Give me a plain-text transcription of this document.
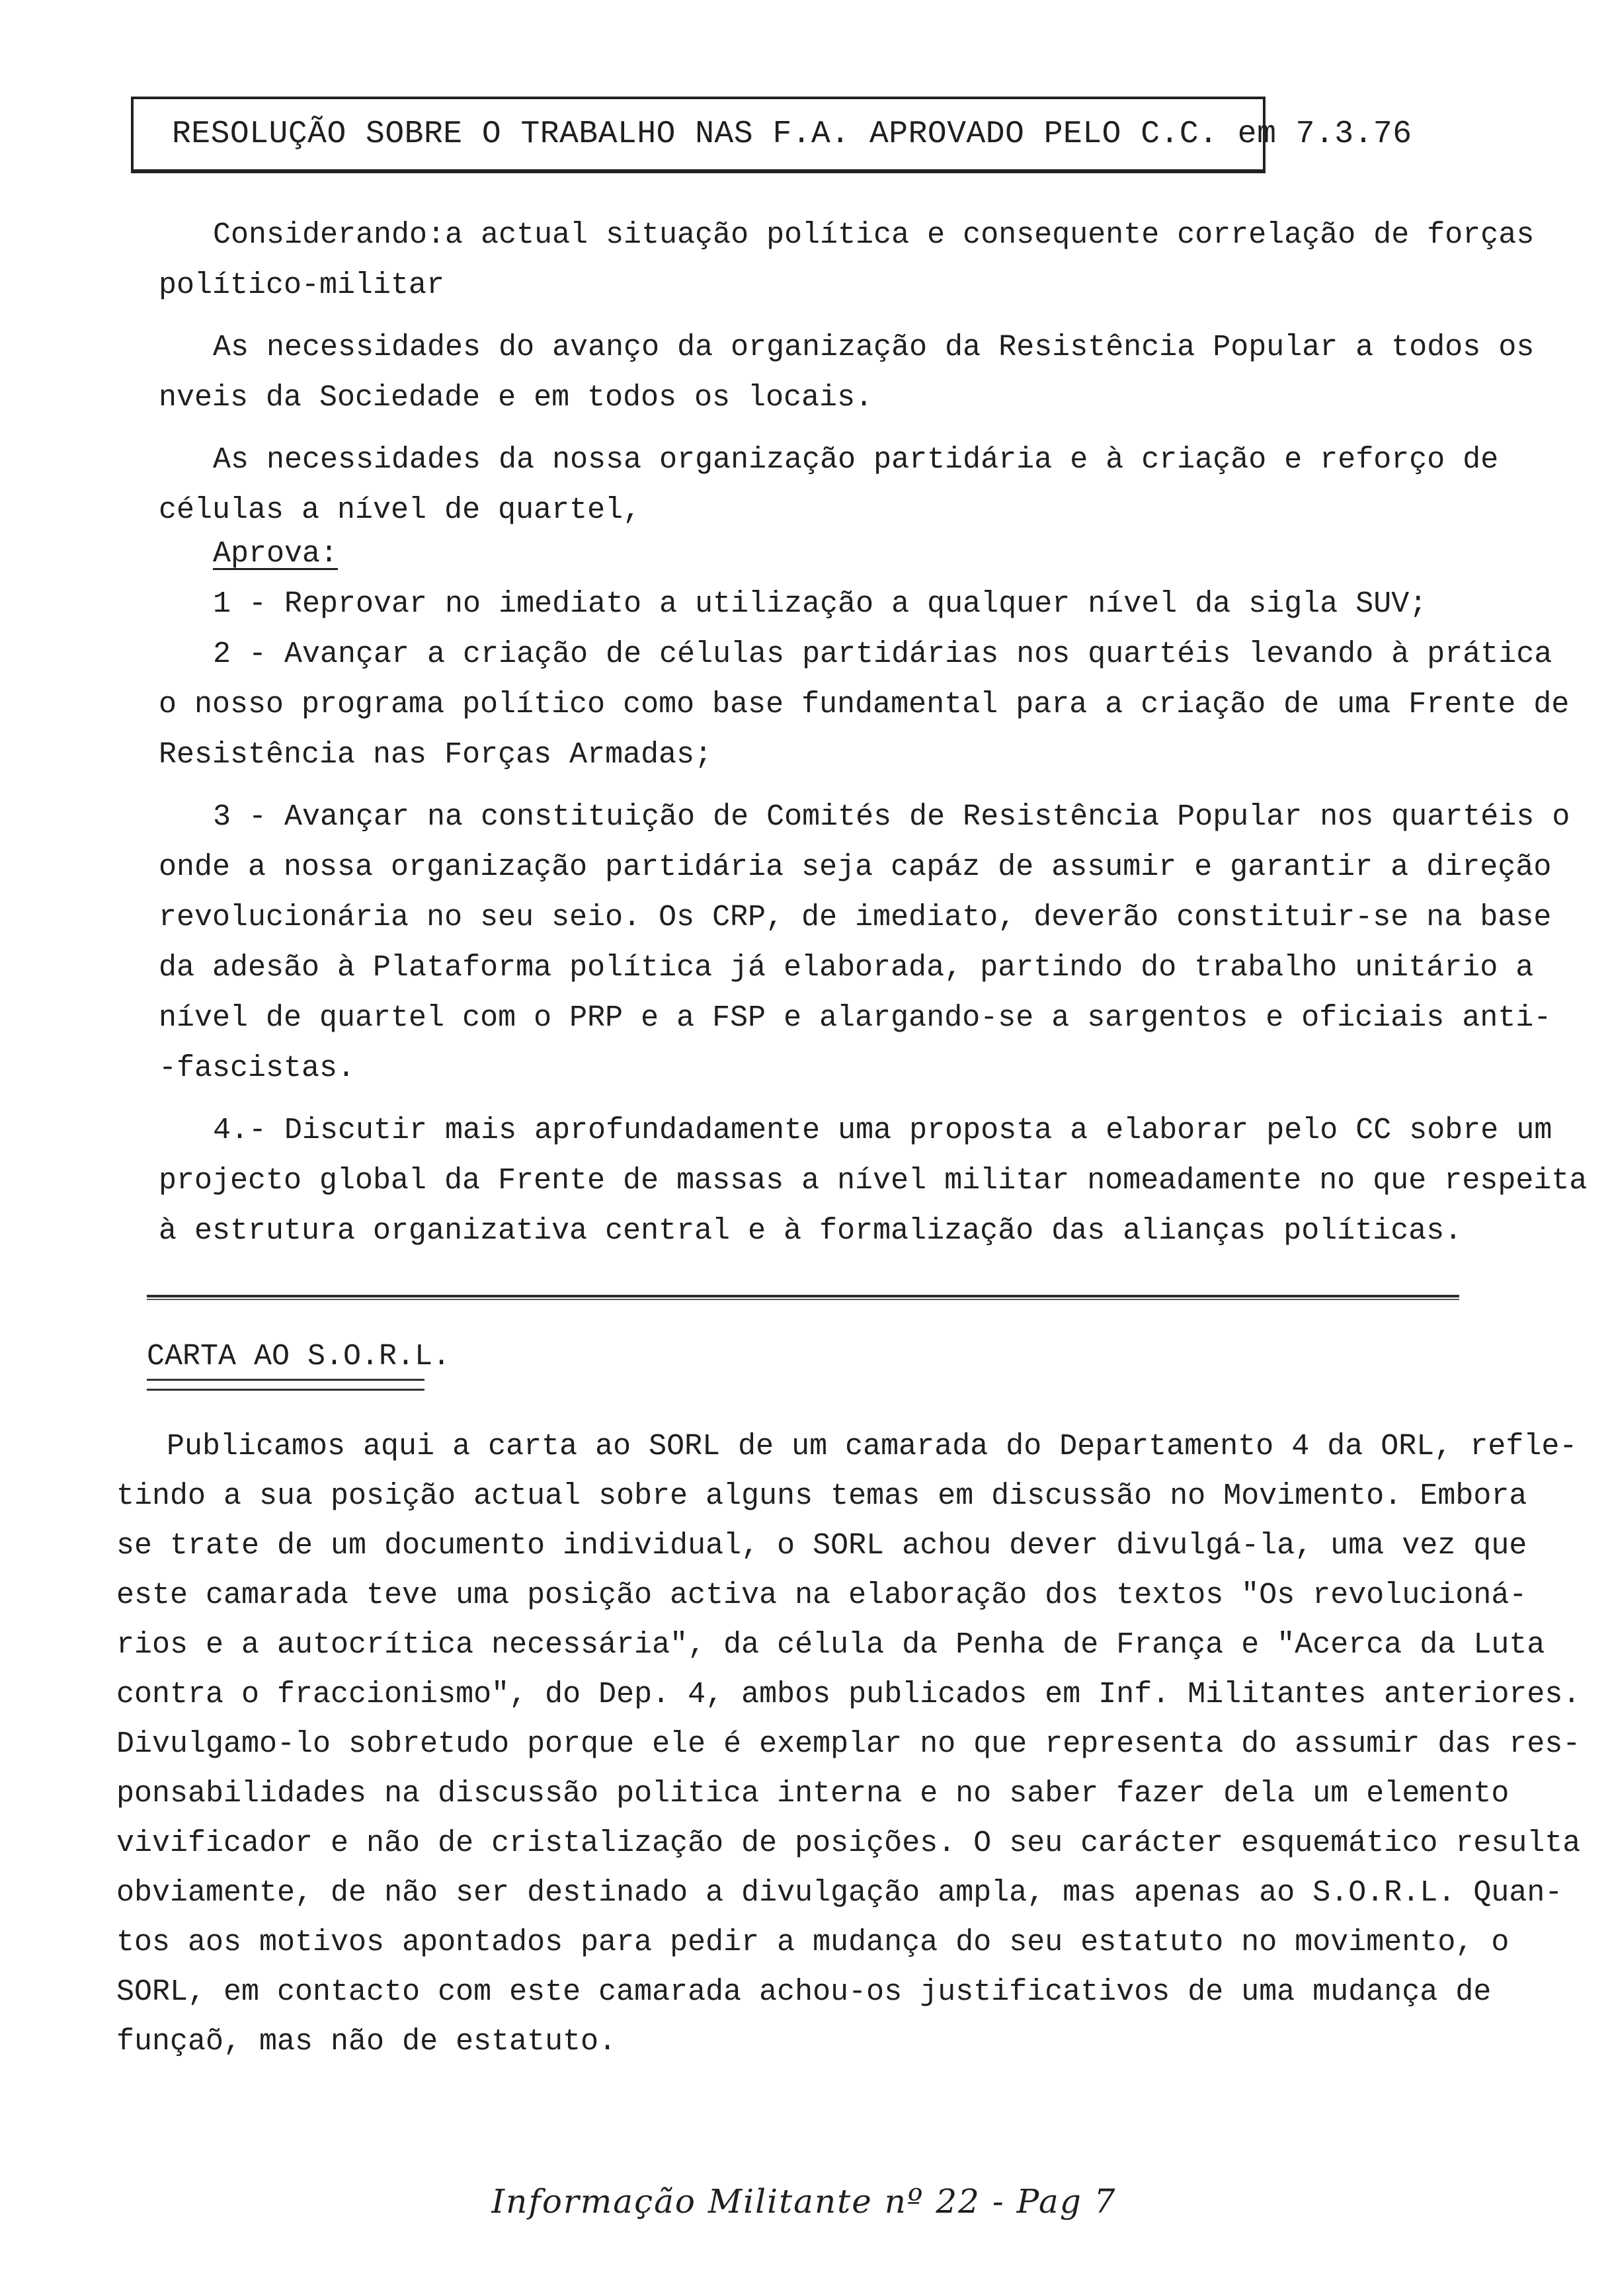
RESOLUÇÃO SOBRE O TRABALHO NAS F.A. APROVADO PELO C.C. em 7.3.76

Considerando:a actual situação política e consequente correlação de forças

político-militar

As necessidades do avanço da organização da Resistência Popular a todos os

nveis da Sociedade e em todos os locais.

As necessidades da nossa organização partidária e à criação e reforço de

células a nível de quartel,

Aprova:

1 - Reprovar no imediato a utilização a qualquer nível da sigla SUV;

2 - Avançar a criação de células partidárias nos quartéis levando à prática

o nosso programa político como base fundamental para a criação de uma Frente de

Resistência nas Forças Armadas;

3 - Avançar na constituição de Comités de Resistência Popular nos quartéis o

onde a nossa organização partidária seja capáz de assumir e garantir a direção

revolucionária no seu seio. Os CRP, de imediato, deverão constituir-se na base

da adesão à Plataforma política já elaborada, partindo do trabalho unitário a

nível de quartel com o PRP e a FSP e alargando-se a sargentos e oficiais anti-

-fascistas.

4.- Discutir mais aprofundadamente uma proposta a elaborar pelo CC sobre um

projecto global da Frente de massas a nível militar nomeadamente no que respeita

à estrutura organizativa central e à formalização das alianças políticas.

CARTA AO S.O.R.L.

Publicamos aqui a carta ao SORL de um camarada do Departamento 4 da ORL, refle-

tindo a sua posição actual sobre alguns temas em discussão no Movimento. Embora

se trate de um documento individual, o SORL achou dever divulgá-la, uma vez que

este camarada teve uma posição activa na elaboração dos textos "Os revolucioná-

rios e a autocrítica necessária", da célula da Penha de França e "Acerca da Luta

contra o fraccionismo", do Dep. 4, ambos publicados em Inf. Militantes anteriores.

Divulgamo-lo sobretudo porque ele é exemplar no que representa do assumir das res-

ponsabilidades na discussão politica interna e no saber fazer dela um elemento

vivificador e não de cristalização de posições. O seu carácter esquemático resulta

obviamente, de não ser destinado a divulgação ampla, mas apenas ao S.O.R.L. Quan-

tos aos motivos apontados para pedir a mudança do seu estatuto no movimento, o

SORL, em contacto com este camarada achou-os justificativos de uma mudança de

funçaõ, mas não de estatuto.

Informação Militante nº 22 - Pag 7
